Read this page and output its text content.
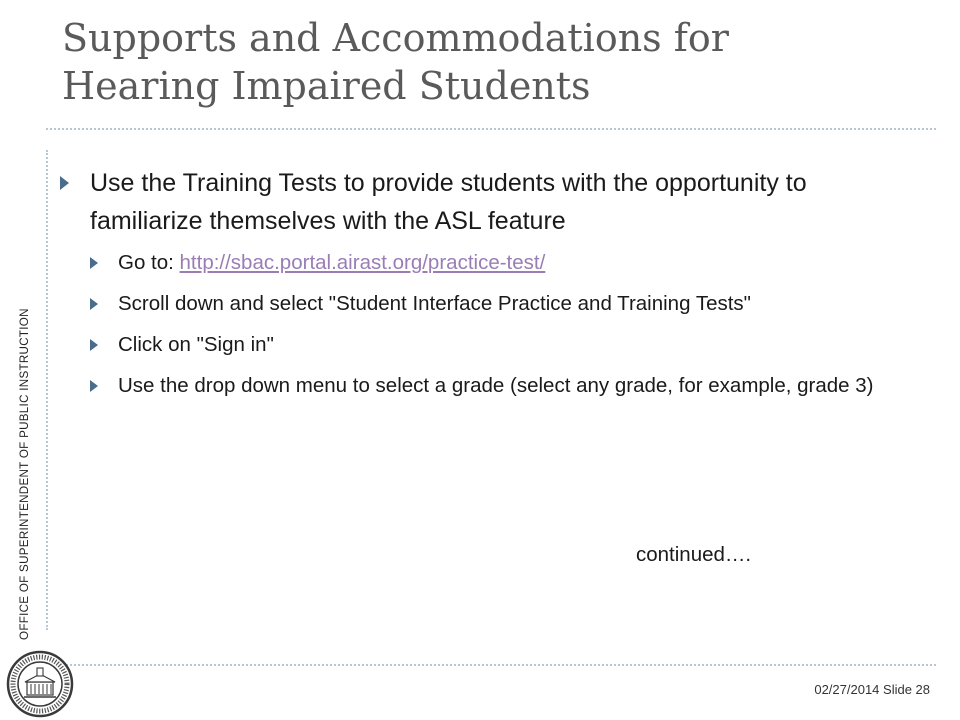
Supports and Accommodations for
Hearing Impaired Students
OFFICE OF SUPERINTENDENT OF PUBLIC INSTRUCTION
Use the Training Tests to provide students with the opportunity to familiarize themselves with the ASL feature
Go to: http://sbac.portal.airast.org/practice-test/
Scroll down and select "Student Interface Practice and Training Tests"
Click on "Sign in"
Use the drop down menu to select a grade (select any grade, for example, grade 3)
continued….
02/27/2014 Slide 28
